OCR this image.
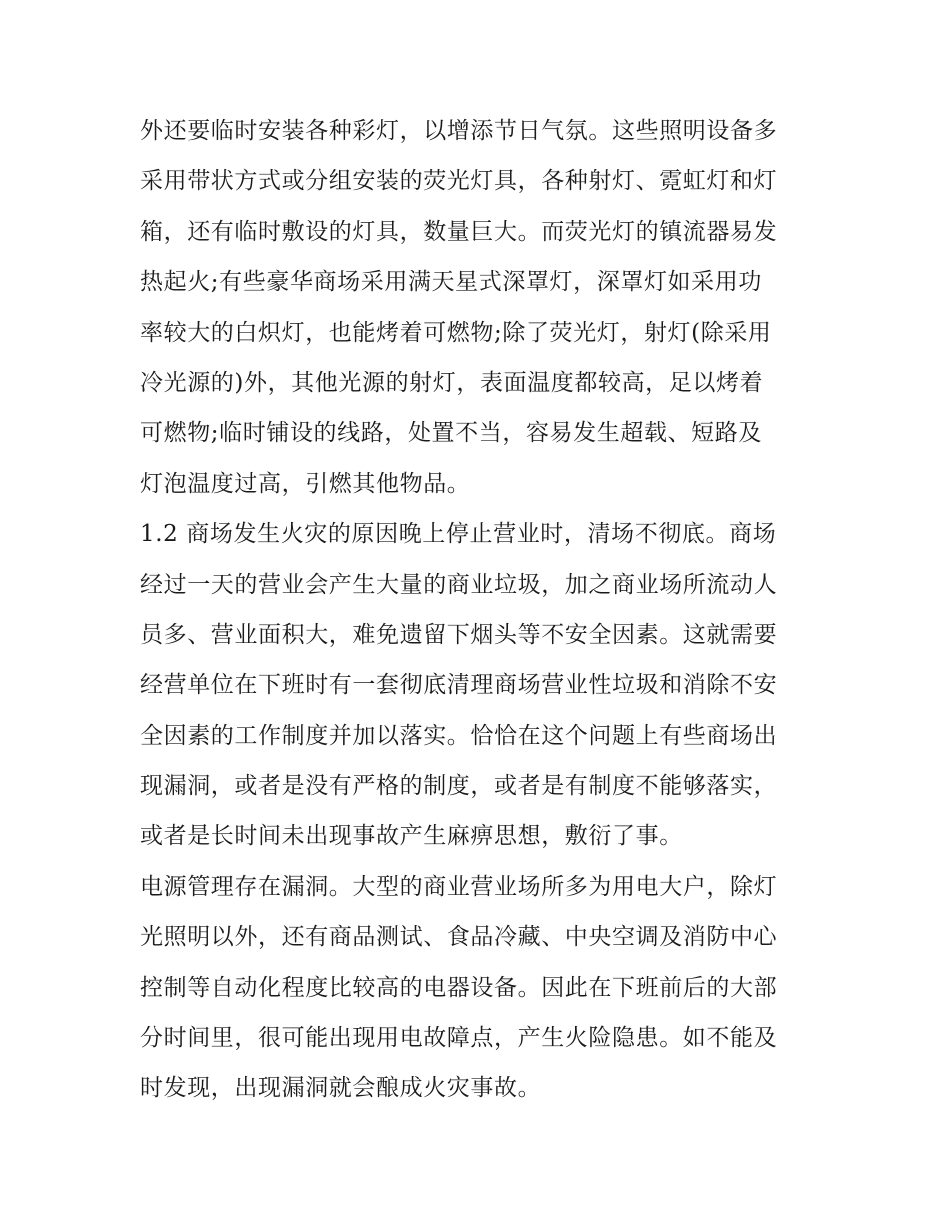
外还要临时安装各种彩灯，以增添节日气氛。这些照明设备多
采用带状方式或分组安装的荧光灯具，各种射灯、霓虹灯和灯
箱，还有临时敷设的灯具，数量巨大。而荧光灯的镇流器易发
热起火;有些豪华商场采用满天星式深罩灯，深罩灯如采用功
率较大的白炽灯，也能烤着可燃物;除了荧光灯，射灯(除采用
冷光源的)外，其他光源的射灯，表面温度都较高，足以烤着
可燃物;临时铺设的线路，处置不当，容易发生超载、短路及
灯泡温度过高，引燃其他物品。
1.2 商场发生火灾的原因晚上停止营业时，清场不彻底。商场
经过一天的营业会产生大量的商业垃圾，加之商业场所流动人
员多、营业面积大，难免遗留下烟头等不安全因素。这就需要
经营单位在下班时有一套彻底清理商场营业性垃圾和消除不安
全因素的工作制度并加以落实。恰恰在这个问题上有些商场出
现漏洞，或者是没有严格的制度，或者是有制度不能够落实，
或者是长时间未出现事故产生麻痹思想，敷衍了事。
电源管理存在漏洞。大型的商业营业场所多为用电大户，除灯
光照明以外，还有商品测试、食品冷藏、中央空调及消防中心
控制等自动化程度比较高的电器设备。因此在下班前后的大部
分时间里，很可能出现用电故障点，产生火险隐患。如不能及
时发现，出现漏洞就会酿成火灾事故。
